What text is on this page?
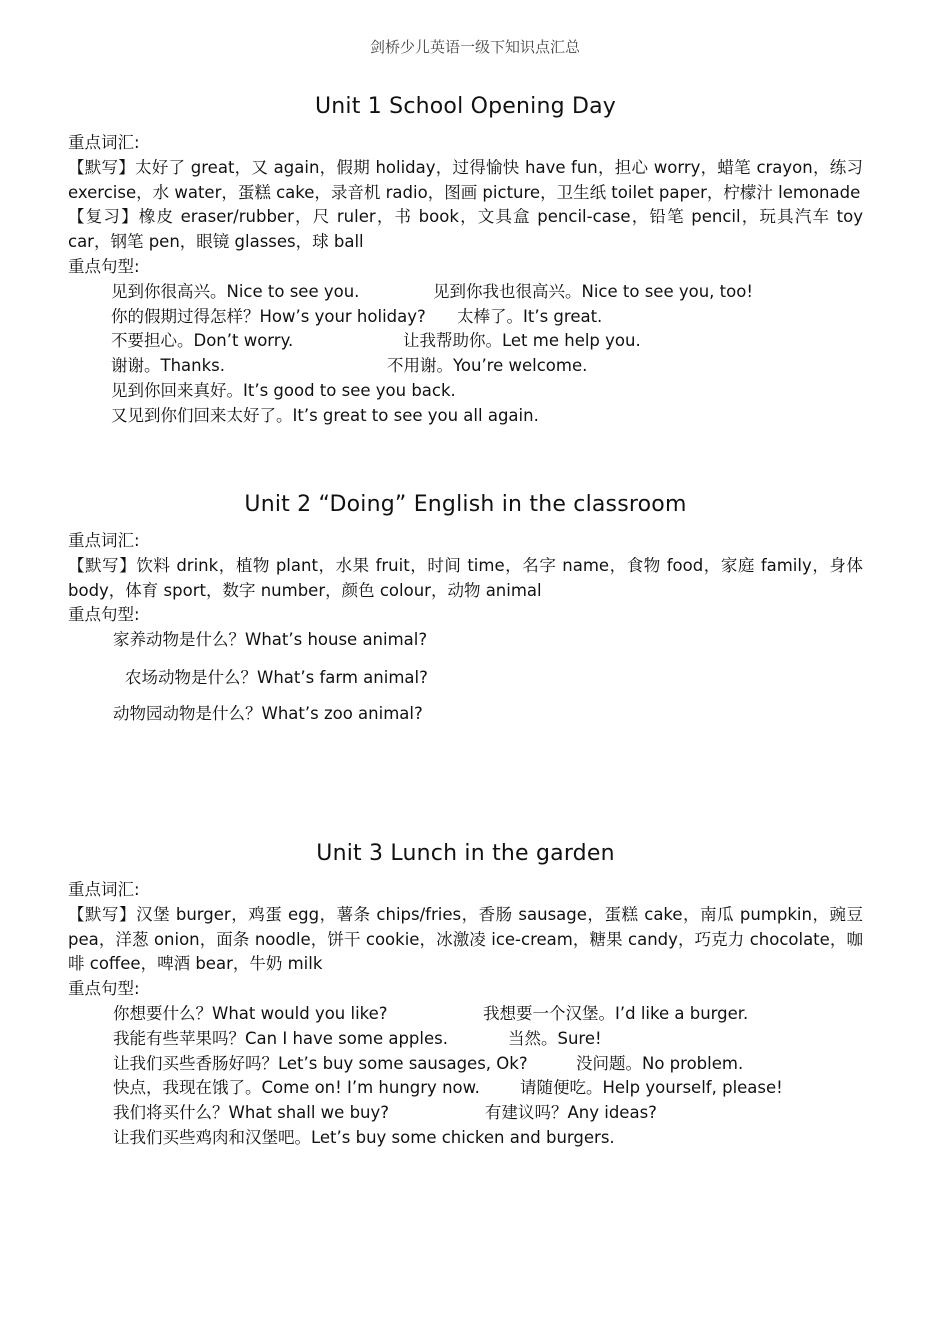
剑桥少儿英语一级下知识点汇总
Unit 1 School Opening Day
重点词汇:
【默写】太好了 great，又 again，假期 holiday，过得愉快 have fun，担心 worry，蜡笔 crayon，练习 exercise，水 water，蛋糕 cake，录音机 radio，图画 picture，卫生纸 toilet paper，柠檬汁 lemonade
【复习】橡皮 eraser/rubber，尺 ruler，书 book，文具盒 pencil-case，铅笔 pencil，玩具汽车 toy car，钢笔 pen，眼镜 glasses，球 ball
重点句型:
见到你很高兴。Nice to see you.	见到你我也很高兴。Nice to see you, too!
你的假期过得怎样？How’s your holiday? 太棒了。It’s great.
不要担心。Don’t worry.	让我帮助你。Let me help you.
谢谢。Thanks.	不用谢。You’re welcome.
见到你回来真好。It’s good to see you back.
又见到你们回来太好了。It’s great to see you all again.
Unit 2 “Doing” English in the classroom
重点词汇:
【默写】饮料 drink，植物 plant，水果 fruit，时间 time，名字 name，食物 food，家庭 family，身体 body，体育 sport，数字 number，颜色 colour，动物 animal
重点句型:
家养动物是什么？What’s house animal?
农场动物是什么？What’s farm animal?
动物园动物是什么？What’s zoo animal?
Unit 3 Lunch in the garden
重点词汇:
【默写】汉堡 burger，鸡蛋 egg，薯条 chips/fries，香肠 sausage，蛋糕 cake，南瓜 pumpkin，豌豆 pea，洋葱 onion，面条 noodle，饼干 cookie，冰激凌 ice-cream，糖果 candy，巧克力 chocolate，咖啡 coffee，啤酒 bear，牛奶 milk
重点句型:
你想要什么？What would you like?	我想要一个汉堡。I’d like a burger.
我能有些苹果吗？Can I have some apples.	当然。Sure!
让我们买些香肠好吗？Let’s buy some sausages, Ok?	没问题。No problem.
快点，我现在饿了。Come on! I’m hungry now. 请随便吃。Help yourself, please!
我们将买什么？What shall we buy?	有建议吗？Any ideas?
让我们买些鸡肉和汉堡吧。Let’s buy some chicken and burgers.
